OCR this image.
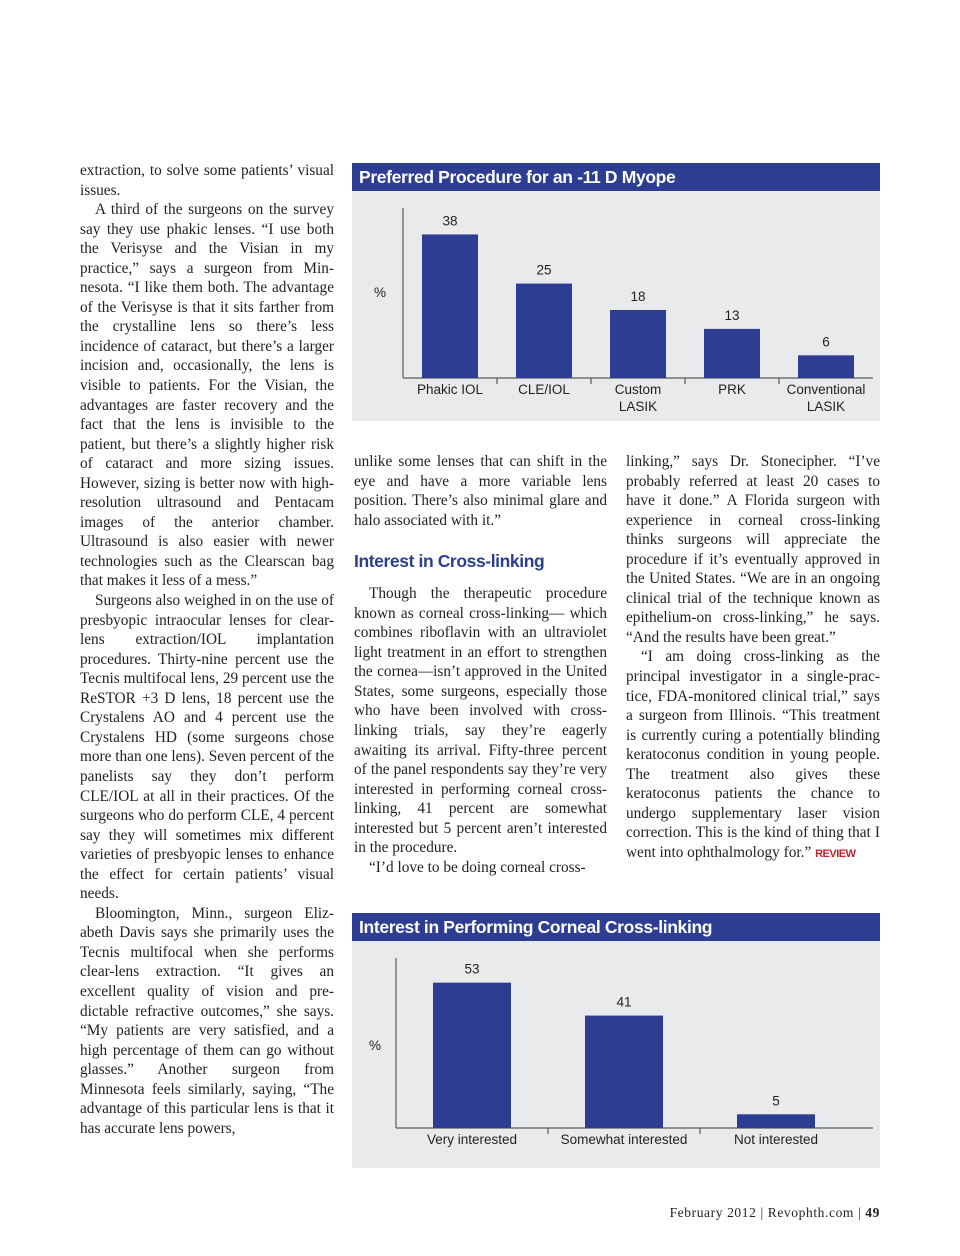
extraction, to solve some patients’ visual issues.

A third of the surgeons on the survey say they use phakic lenses. “I use both the Verisyse and the Visian in my practice,” says a surgeon from Minnesota. “I like them both. The advantage of the Verisyse is that it sits farther from the crystalline lens so there’s less incidence of cataract, but there’s a larger incision and, occasionally, the lens is visible to patients. For the Visian, the advantages are faster recovery and the fact that the lens is invisible to the patient, but there’s a slightly higher risk of cataract and more sizing issues. However, sizing is better now with high-resolution ultrasound and Pentacam images of the anterior chamber. Ultrasound is also easier with newer technologies such as the Clearscan bag that makes it less of a mess.”

Surgeons also weighed in on the use of presbyopic intraocular lenses for clear-lens extraction/IOL implantation procedures. Thirty-nine percent use the Tecnis multifocal lens, 29 percent use the ReSTOR +3 D lens, 18 percent use the Crystalens AO and 4 percent use the Crystalens HD (some surgeons chose more than one lens). Seven percent of the panelists say they don’t perform CLE/IOL at all in their practices. Of the surgeons who do perform CLE, 4 percent say they will sometimes mix different varieties of presbyopic lenses to enhance the effect for certain patients’ visual needs.

Bloomington, Minn., surgeon Elizabeth Davis says she primarily uses the Tecnis multifocal when she performs clear-lens extraction. “It gives an excellent quality of vision and predictable refractive outcomes,” she says. “My patients are very satisfied, and a high percentage of them can go without glasses.” Another surgeon from Minnesota feels similarly, saying, “The advantage of this particular lens is that it has accurate lens powers,

Preferred Procedure for an -11 D Myope
%
38
Phakic IOL
25
CLE/IOL
18
Custom
LASIK
13
PRK
6
Conventional
LASIK

unlike some lenses that can shift in the eye and have a more variable lens position. There’s also minimal glare and halo associated with it.”

Interest in Cross-linking

Though the therapeutic procedure known as corneal cross-linking— which combines riboflavin with an ultraviolet light treatment in an effort to strengthen the cornea—isn’t approved in the United States, some surgeons, especially those who have been involved with cross-linking trials, say they’re eagerly awaiting its arrival. Fifty-three percent of the panel respondents say they’re very interested in performing corneal cross-linking, 41 percent are somewhat interested but 5 percent aren’t interested in the procedure.

“I’d love to be doing corneal cross-

linking,” says Dr. Stonecipher. “I’ve probably referred at least 20 cases to have it done.” A Florida surgeon with experience in corneal cross-linking thinks surgeons will appreciate the procedure if it’s eventually approved in the United States. “We are in an ongoing clinical trial of the technique known as epithelium-on cross-linking,” he says. “And the results have been great.”

“I am doing cross-linking as the principal investigator in a single-practice, FDA-monitored clinical trial,” says a surgeon from Illinois. “This treatment is currently curing a potentially blinding keratoconus condition in young people. The treatment also gives these keratoconus patients the chance to undergo supplementary laser vision correction. This is the kind of thing that I went into ophthalmology for.” REVIEW

Interest in Performing Corneal Cross-linking
%
53
Very interested
41
Somewhat interested
5
Not interested
February 2012 | Revophth.com | 49
